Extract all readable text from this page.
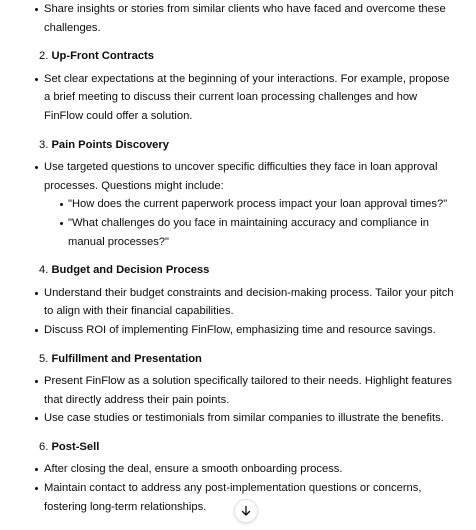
Share insights or stories from similar clients who have faced and overcome these challenges.
2. Up-Front Contracts
Set clear expectations at the beginning of your interactions. For example, propose a brief meeting to discuss their current loan processing challenges and how FinFlow could offer a solution.
3. Pain Points Discovery
Use targeted questions to uncover specific difficulties they face in loan approval processes. Questions might include:
"How does the current paperwork process impact your loan approval times?"
"What challenges do you face in maintaining accuracy and compliance in manual processes?"
4. Budget and Decision Process
Understand their budget constraints and decision-making process. Tailor your pitch to align with their financial capabilities.
Discuss ROI of implementing FinFlow, emphasizing time and resource savings.
5. Fulfillment and Presentation
Present FinFlow as a solution specifically tailored to their needs. Highlight features that directly address their pain points.
Use case studies or testimonials from similar companies to illustrate the benefits.
6. Post-Sell
After closing the deal, ensure a smooth onboarding process.
Maintain contact to address any post-implementation questions or concerns, fostering long-term relationships.
